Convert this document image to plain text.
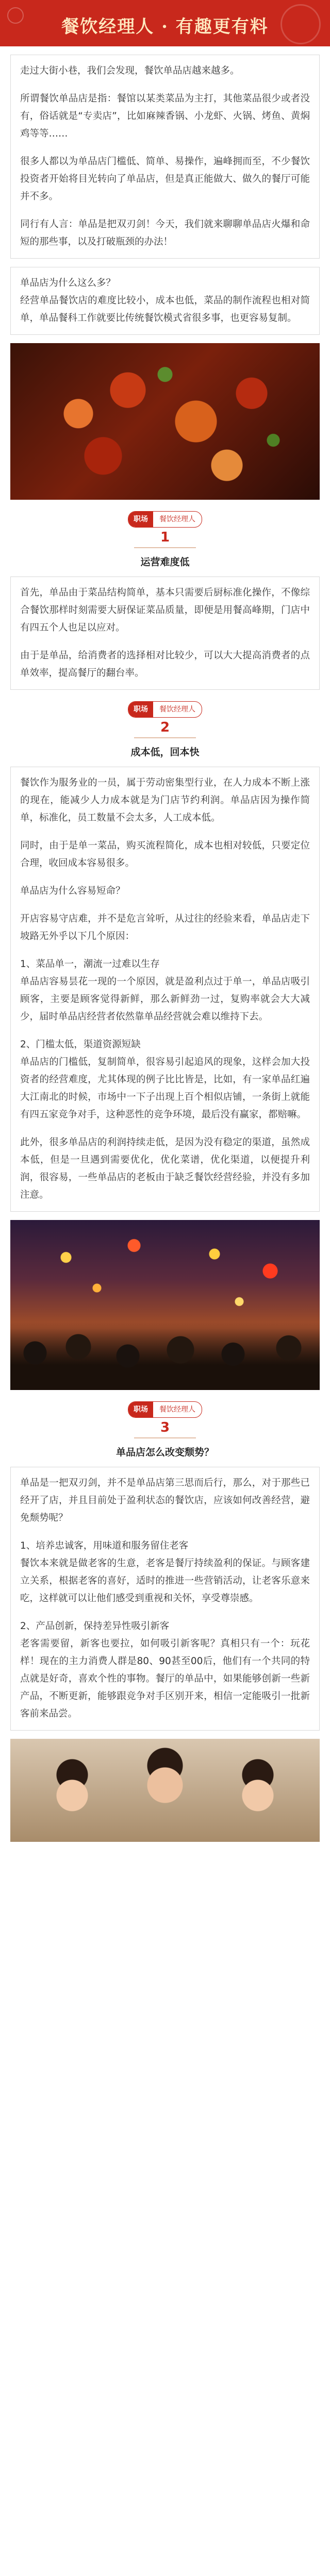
餐饮经理人 · 有趣更有料

走过大街小巷，我们会发现，餐饮单品店越来越多。

所谓餐饮单品店是指：餐馆以某类菜品为主打，其他菜品很少或者没有，俗话就是“专卖店”，比如麻辣香锅、小龙虾、火锅、烤鱼、黄焖鸡等等……

很多人都以为单品店门槛低、简单、易操作，遍峰拥而至，不少餐饮投资者开始将目光转向了单品店，但是真正能做大、做久的餐厅可能并不多。

同行有人言：单品是把双刃剑！今天，我们就来聊聊单品店火爆和命短的那些事，以及打破瓶颈的办法！

单品店为什么这么多？

经营单品餐饮店的难度比较小，成本也低，菜品的制作流程也相对简单，单品餐科工作就要比传统餐饮模式省很多事，也更容易复制。

职场	餐饮经理人
1
运营难度低

首先，单品由于菜品结构简单，基本只需要后厨标准化操作，不像综合餐饮那样时刻需要大厨保证菜品质量，即便是用餐高峰期，门店中有四五个人也足以应对。

由于是单品，给消费者的选择相对比较少，可以大大提高消费者的点单效率，提高餐厅的翻台率。

职场	餐饮经理人
2
成本低，回本快

餐饮作为服务业的一员，属于劳动密集型行业，在人力成本不断上涨的现在，能减少人力成本就是为门店节约利润。单品店因为操作简单，标准化，员工数量不会太多，人工成本低。

同时，由于是单一菜品，购买流程简化，成本也相对较低，只要定位合理，收回成本容易很多。

单品店为什么容易短命？

开店容易守店难，并不是危言耸听，从过往的经验来看，单品店走下坡路无外乎以下几个原因：

1、菜品单一，潮流一过难以生存

单品店容易昙花一现的一个原因，就是盈利点过于单一，单品店吸引顾客，主要是顾客觉得新鲜，那么新鲜劲一过，复购率就会大大减少，届时单品店经营者依然靠单品经营就会难以维持下去。

2、门槛太低，渠道资源短缺

单品店的门槛低，复制简单，很容易引起追风的现象，这样会加大投资者的经营难度，尤其体现的例子比比皆是，比如，有一家单品红遍大江南北的时候，市场中一下子出现上百个相似店铺，一条街上就能有四五家竞争对手，这种恶性的竞争环境，最后没有赢家，都赔嘛。

此外，很多单品店的利润持续走低，是因为没有稳定的渠道，虽然成本低，但是一旦遇到需要优化，优化菜谱，优化渠道，以便提升利润，很容易，一些单品店的老板由于缺乏餐饮经营经验，并没有多加注意。

职场	餐饮经理人
3
单品店怎么改变颓势？

单品是一把双刃剑，并不是单品店第三思而后行，那么，对于那些已经开了店，并且目前处于盈利状态的餐饮店，应该如何改善经营，避免颓势呢？

1、培养忠诚客，用味道和服务留住老客

餐饮本来就是做老客的生意，老客是餐厅持续盈利的保证。与顾客建立关系，根据老客的喜好，适时的推进一些营销活动，让老客乐意来吃，这样就可以让他们感受到重视和关怀，享受尊崇感。

2、产品创新，保持差异性吸引新客

老客需要留，新客也要拉，如何吸引新客呢？真相只有一个：玩花样！现在的主力消费人群是80、90甚至00后，他们有一个共同的特点就是好奇，喜欢个性的事物。餐厅的单品中，如果能够创新一些新产品，不断更新，能够跟竞争对手区别开来，相信一定能吸引一批新客前来品尝。
